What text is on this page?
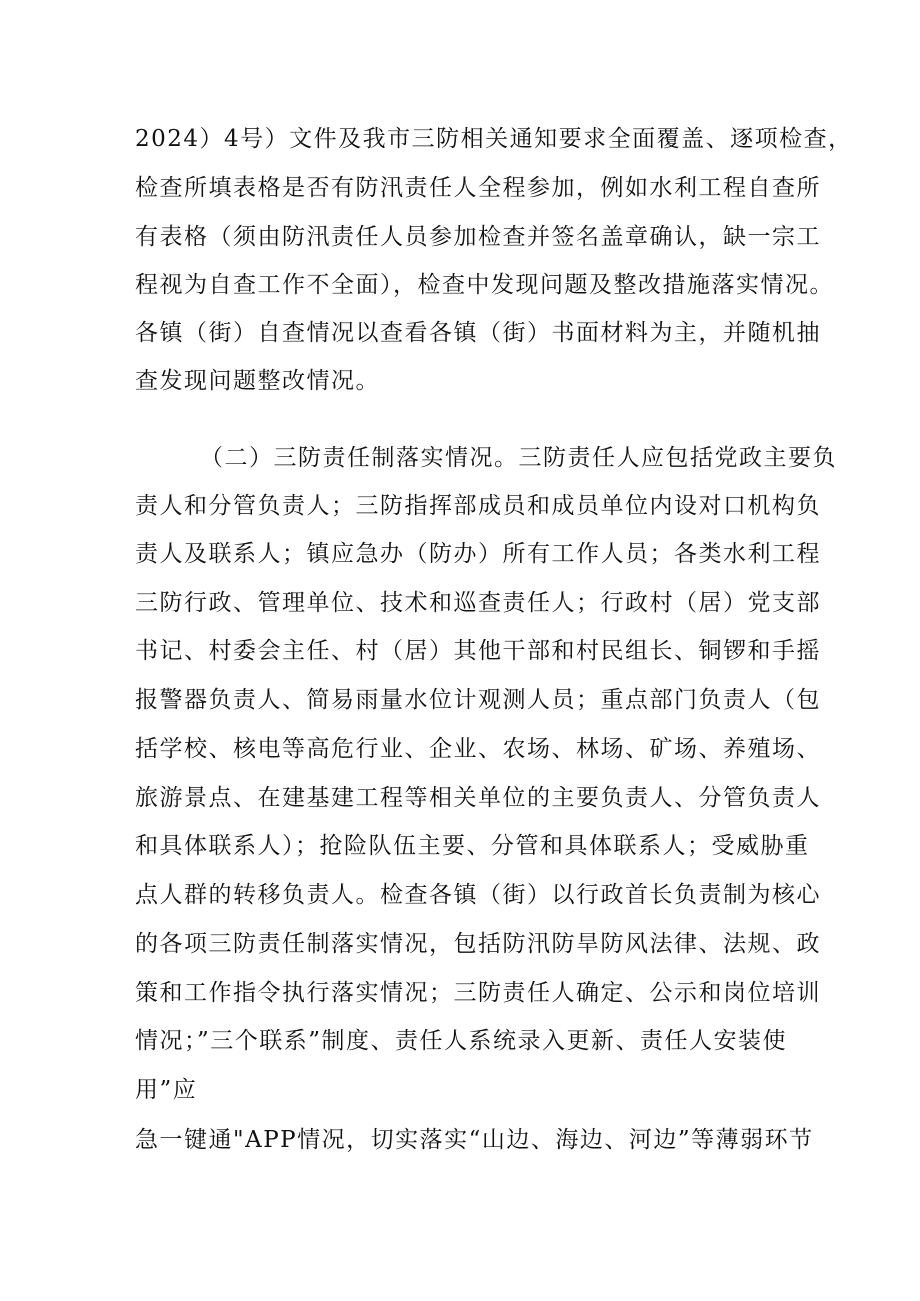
2024）4号）文件及我市三防相关通知要求全面覆盖、逐项检查，
检查所填表格是否有防汛责任人全程参加，例如水利工程自查所
有表格（须由防汛责任人员参加检查并签名盖章确认，缺一宗工
程视为自查工作不全面），检查中发现问题及整改措施落实情况。
各镇（街）自查情况以查看各镇（街）书面材料为主，并随机抽
查发现问题整改情况。
（二）三防责任制落实情况。三防责任人应包括党政主要负
责人和分管负责人；三防指挥部成员和成员单位内设对口机构负
责人及联系人；镇应急办（防办）所有工作人员；各类水利工程
三防行政、管理单位、技术和巡查责任人；行政村（居）党支部
书记、村委会主任、村（居）其他干部和村民组长、铜锣和手摇
报警器负责人、简易雨量水位计观测人员；重点部门负责人（包
括学校、核电等高危行业、企业、农场、林场、矿场、养殖场、
旅游景点、在建基建工程等相关单位的主要负责人、分管负责人
和具体联系人）；抢险队伍主要、分管和具体联系人；受威胁重
点人群的转移负责人。检查各镇（街）以行政首长负责制为核心
的各项三防责任制落实情况，包括防汛防旱防风法律、法规、政
策和工作指令执行落实情况；三防责任人确定、公示和岗位培训
情况；”三个联系”制度、责任人系统录入更新、责任人安装使
用”应
急一键通"APP情况，切实落实“山边、海边、河边”等薄弱环节
